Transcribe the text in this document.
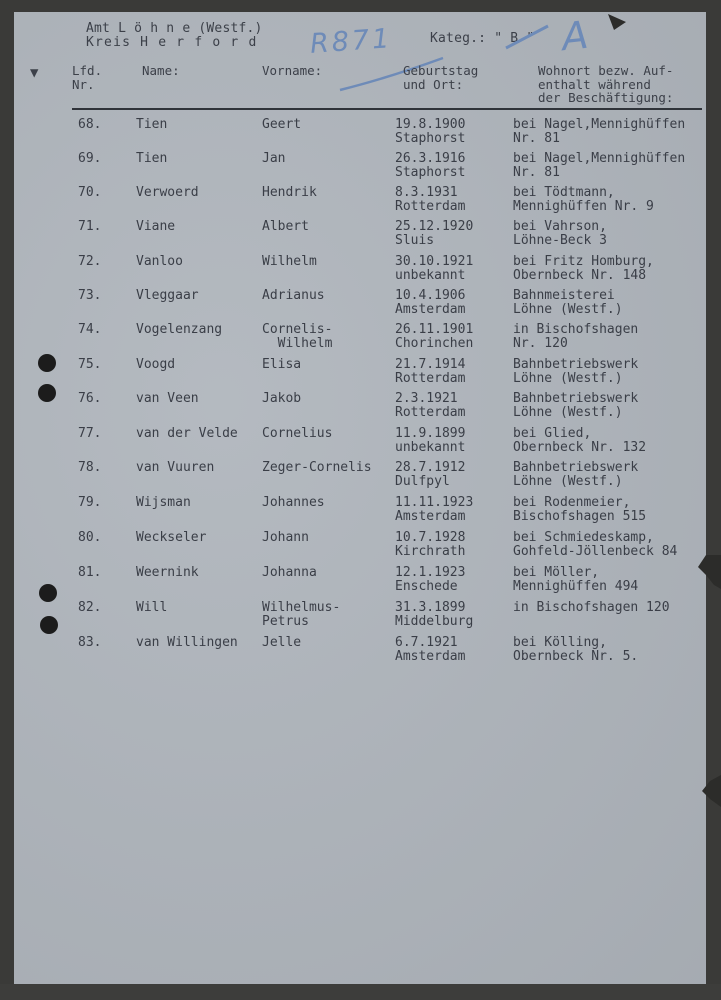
Amt L ö h n e (Westf.)
Kreis H e r f o r d	Kateg.: " B "
R871	A
Lfd.
Nr.
Name:	Vorname:	Geburtstag
und Ort:
Wohnort bezw. Auf-
enthalt während
der Beschäftigung:
68.	Tien	Geert	19.8.1900
Staphorst
bei Nagel,Mennighüffen
Nr. 81
69.	Tien	Jan	26.3.1916
Staphorst
bei Nagel,Mennighüffen
Nr. 81
70.	Verwoerd	Hendrik	8.3.1931
Rotterdam
bei Tödtmann,
Mennighüffen Nr. 9
71.	Viane	Albert	25.12.1920
Sluis
bei Vahrson,
Löhne-Beck 3
72.	Vanloo	Wilhelm	30.10.1921
unbekannt
bei Fritz Homburg,
Obernbeck Nr. 148
73.	Vleggaar	Adrianus	10.4.1906
Amsterdam
Bahnmeisterei
Löhne (Westf.)
74.	Vogelenzang	Cornelis-
Wilhelm
26.11.1901
Chorinchen
in Bischofshagen
Nr. 120
75.	Voogd	Elisa	21.7.1914
Rotterdam
Bahnbetriebswerk
Löhne (Westf.)
76.	van Veen	Jakob	2.3.1921
Rotterdam
Bahnbetriebswerk
Löhne (Westf.)
77.	van der Velde Cornelius	11.9.1899
unbekannt
bei Glied,
Obernbeck Nr. 132
78.	van Vuuren	Zeger-Cornelis 28.7.1912
Dulfpyl
Bahnbetriebswerk
Löhne (Westf.)
79.	Wijsman	Johannes	11.11.1923
Amsterdam
bei Rodenmeier,
Bischofshagen 515
80.	Weckseler	Johann	10.7.1928
Kirchrath
bei Schmiedeskamp,
Gohfeld-Jöllenbeck 84
81.	Weernink	Johanna	12.1.1923
Enschede
bei Möller,
Mennighüffen 494
82.	Will	Wilhelmus-
Petrus
31.3.1899
Middelburg
in Bischofshagen 120
83.	van Willingen Jelle	6.7.1921
Amsterdam
bei Kölling,
Obernbeck Nr. 5.
▼
